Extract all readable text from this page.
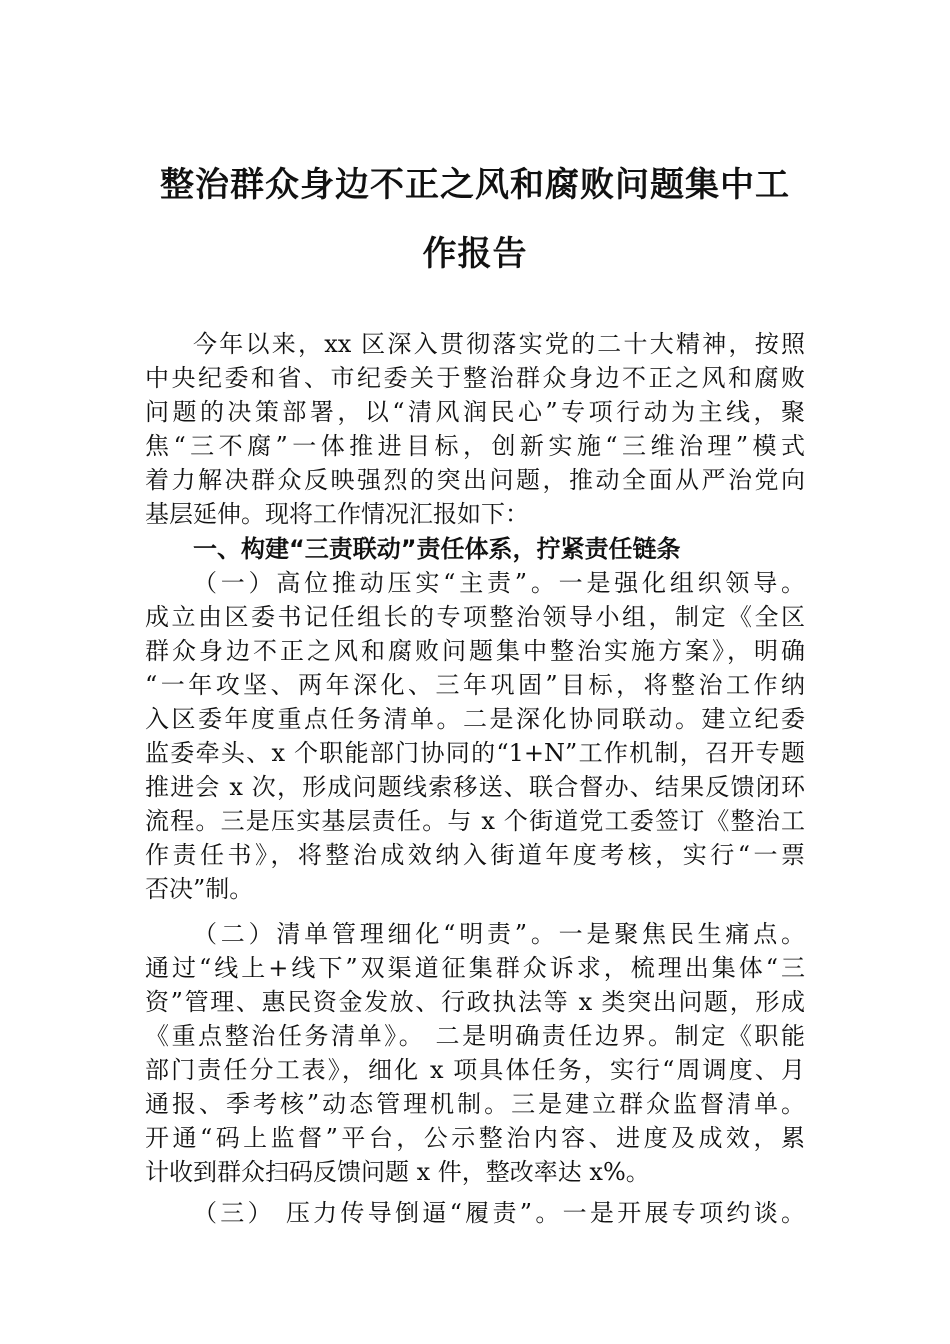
整治群众身边不正之风和腐败问题集中工
作报告
今年以来，xx 区深入贯彻落实党的二十大精神，按照
中央纪委和省、市纪委关于整治群众身边不正之风和腐败
问题的决策部署，以“清风润民心”专项行动为主线，聚
焦“三不腐”一体推进目标，创新实施“三维治理”模式
着力解决群众反映强烈的突出问题，推动全面从严治党向
基层延伸。现将工作情况汇报如下：
一、构建“三责联动”责任体系，拧紧责任链条
（一）高位推动压实“主责”。一是强化组织领导。
成立由区委书记任组长的专项整治领导小组，制定《全区
群众身边不正之风和腐败问题集中整治实施方案》，明确
“一年攻坚、两年深化、三年巩固”目标，将整治工作纳
入区委年度重点任务清单。二是深化协同联动。建立纪委
监委牵头、x 个职能部门协同的“1+N”工作机制，召开专题
推进会 x 次，形成问题线索移送、联合督办、结果反馈闭环
流程。三是压实基层责任。与 x 个街道党工委签订《整治工
作责任书》，将整治成效纳入街道年度考核，实行“一票
否决”制。
（二）清单管理细化“明责”。一是聚焦民生痛点。
通过“线上+线下”双渠道征集群众诉求，梳理出集体“三
资”管理、惠民资金发放、行政执法等 x 类突出问题，形成
《重点整治任务清单》。 二是明确责任边界。制定《职能
部门责任分工表》，细化 x 项具体任务，实行“周调度、月
通报、季考核”动态管理机制。三是建立群众监督清单。
开通“码上监督”平台，公示整治内容、进度及成效，累
计收到群众扫码反馈问题 x 件，整改率达 x%。
（三） 压力传导倒逼“履责”。一是开展专项约谈。
